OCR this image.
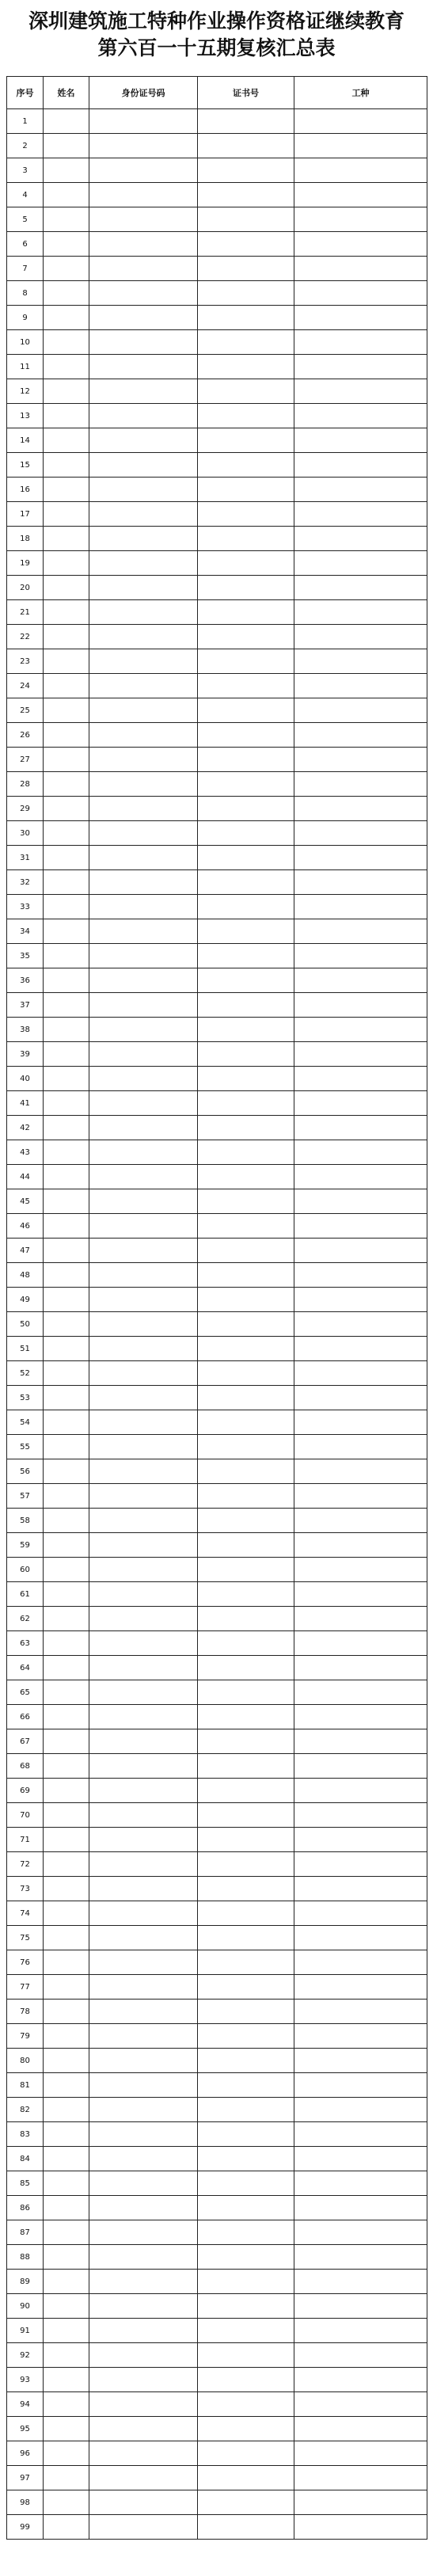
深圳建筑施工特种作业操作资格证继续教育
第六百一十五期复核汇总表
序号	姓名	身份证号码	证书号	工种
1				
2				
3				
4				
5				
6				
7				
8				
9				
10				
11				
12				
13				
14				
15				
16				
17				
18				
19				
20				
21				
22				
23				
24				
25				
26				
27				
28				
29				
30				
31				
32				
33				
34				
35				
36				
37				
38				
39				
40				
41				
42				
43				
44				
45				
46				
47				
48				
49				
50				
51				
52				
53				
54				
55				
56				
57				
58				
59				
60				
61				
62				
63				
64				
65				
66				
67				
68				
69				
70				
71				
72				
73				
74				
75				
76				
77				
78				
79				
80				
81				
82				
83				
84				
85				
86				
87				
88				
89				
90				
91				
92				
93				
94				
95				
96				
97				
98				
99				
